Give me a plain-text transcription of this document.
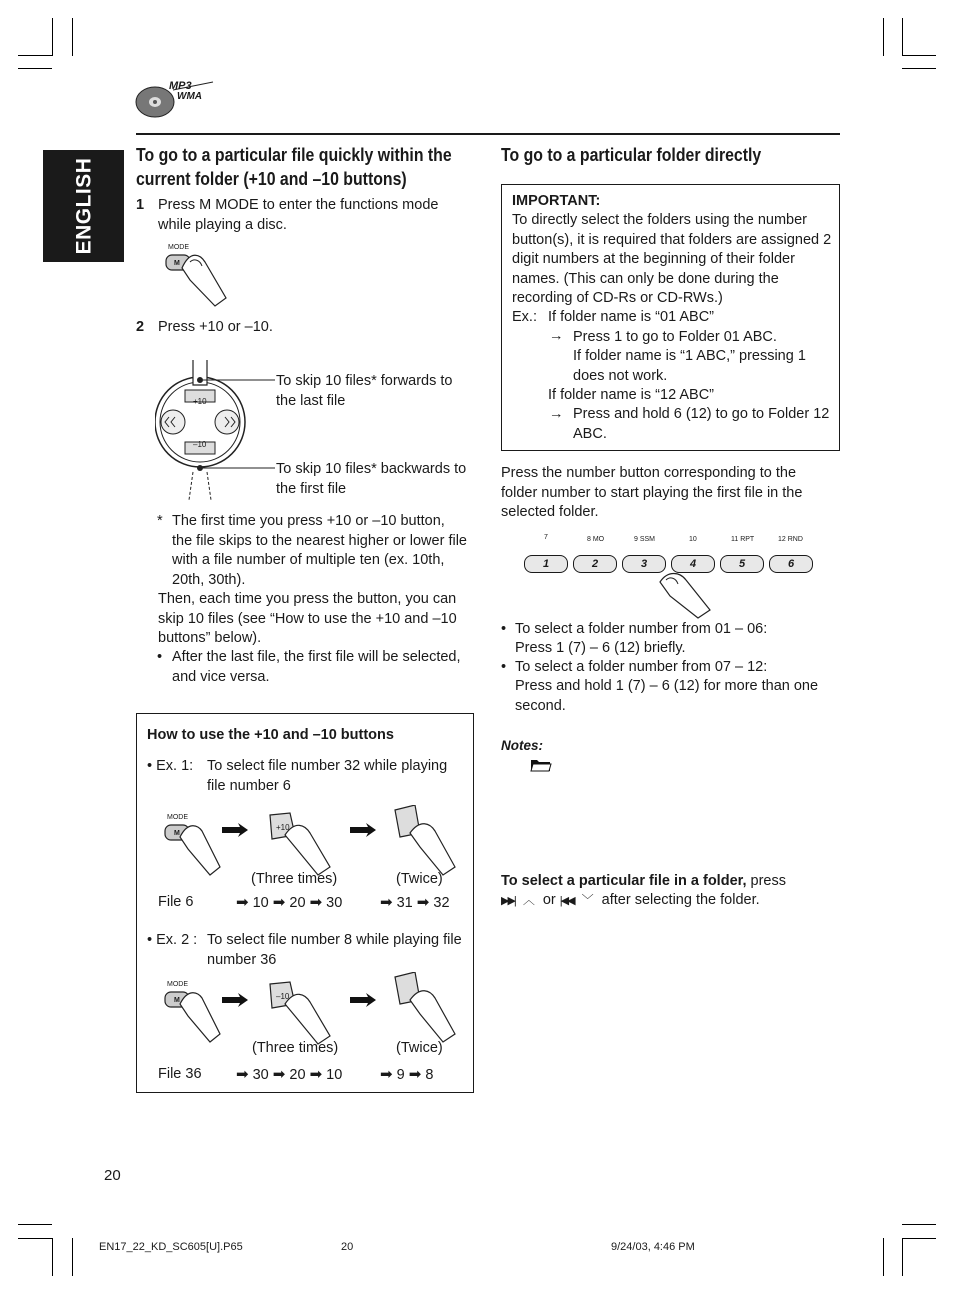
MP3
WMA
ENGLISH
To go to a particular file quickly within the current folder (+10 and –10 buttons)
1 Press M MODE to enter the functions mode while playing a disc.
MODE
M
2 Press +10 or –10.
+10
–10
To skip 10 files* forwards to the last file
To skip 10 files* backwards to the first file
* The first time you press +10 or –10 button, the file skips to the nearest higher or lower file with a file number of multiple ten (ex. 10th, 20th, 30th).
Then, each time you press the button, you can skip 10 files (see “How to use the +10 and –10 buttons” below).
• After the last file, the first file will be selected, and vice versa.
How to use the +10 and –10 buttons
• Ex. 1: To select file number 32 while playing file number 6
MODE
M
+10
(Three times)	(Twice)
File 6	➡ 10 ➡ 20 ➡ 30	➡ 31 ➡ 32
• Ex. 2 : To select file number 8 while playing file number 36
MODE
M	–10
(Three times)	(Twice)
File 36 ➡ 30 ➡ 20 ➡ 10	➡ 9 ➡ 8
To go to a particular folder directly
IMPORTANT:
To directly select the folders using the number button(s), it is required that folders are assigned 2 digit numbers at the beginning of their folder names. (This can only be done during the recording of CD-Rs or CD-RWs.)
Ex.: If folder name is “01 ABC”
→ Press 1 to go to Folder 01 ABC.
If folder name is “1 ABC,” pressing 1 does not work.
If folder name is “12 ABC”
→ Press and hold 6 (12) to go to Folder 12 ABC.
Press the number button corresponding to the folder number to start playing the first file in the selected folder.
7	8 MO	9 SSM	10	11 RPT	12 RND
1	2	3	4	5	6
• To select a folder number from 01 – 06:
Press 1 (7) – 6 (12) briefly.
• To select a folder number from 07 – 12:
Press and hold 1 (7) – 6 (12) for more than one second.
Notes:
To select a particular file in a folder, press
▶▶| ︿ or |◀◀ ﹀ after selecting the folder.
20
EN17_22_KD_SC605[U].P65	20	9/24/03, 4:46 PM
